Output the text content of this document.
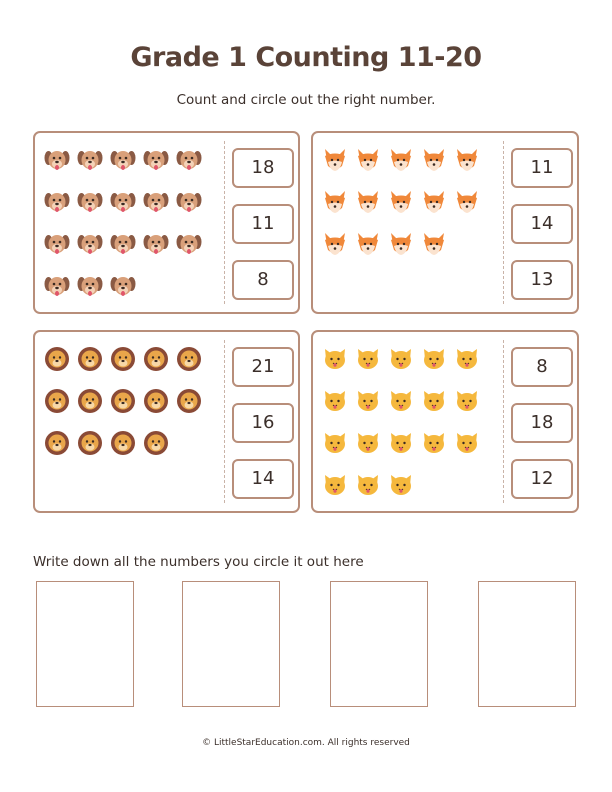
Grade 1 Counting 11-20
Count and circle out the right number.
18
11
8
11
14
13
21
16
14
8
18
12
Write down all the numbers you circle it out here
© LittleStarEducation.com. All rights reserved
